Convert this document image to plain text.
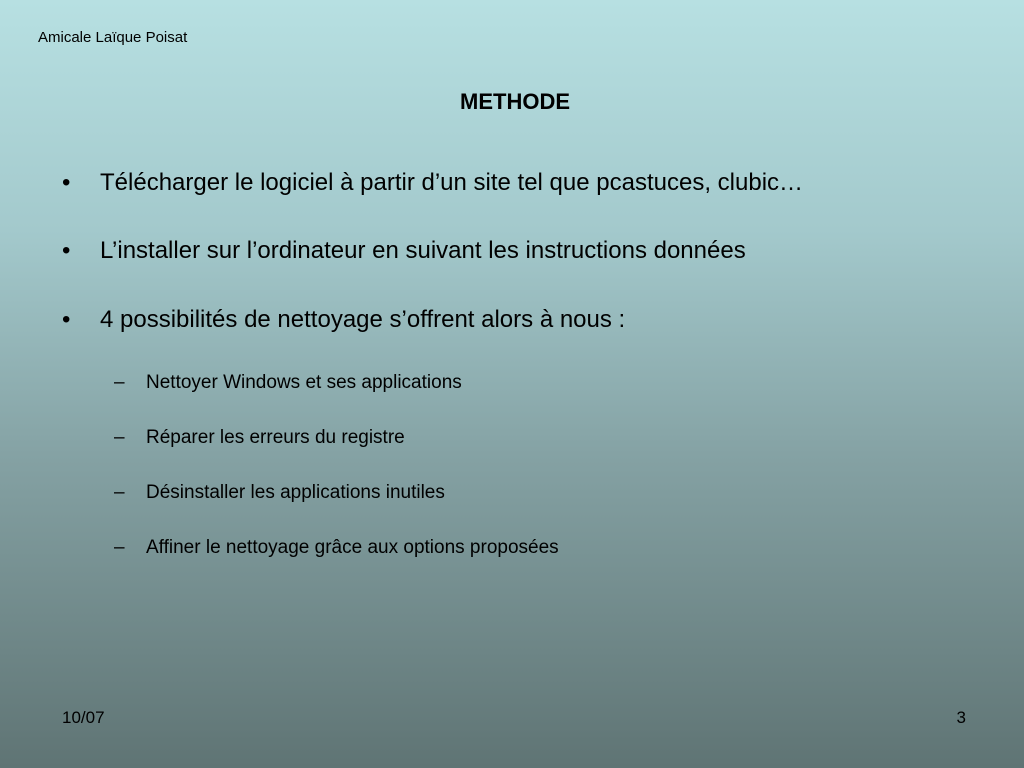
Amicale Laïque Poisat
METHODE
• Télécharger le logiciel à partir d’un site tel que pcastuces, clubic…
• L’installer sur l’ordinateur en suivant les instructions données
• 4 possibilités de nettoyage s’offrent alors à nous :
– Nettoyer Windows et ses applications
– Réparer les erreurs du registre
– Désinstaller les applications inutiles
– Affiner le nettoyage grâce aux options proposées
10/07	3
